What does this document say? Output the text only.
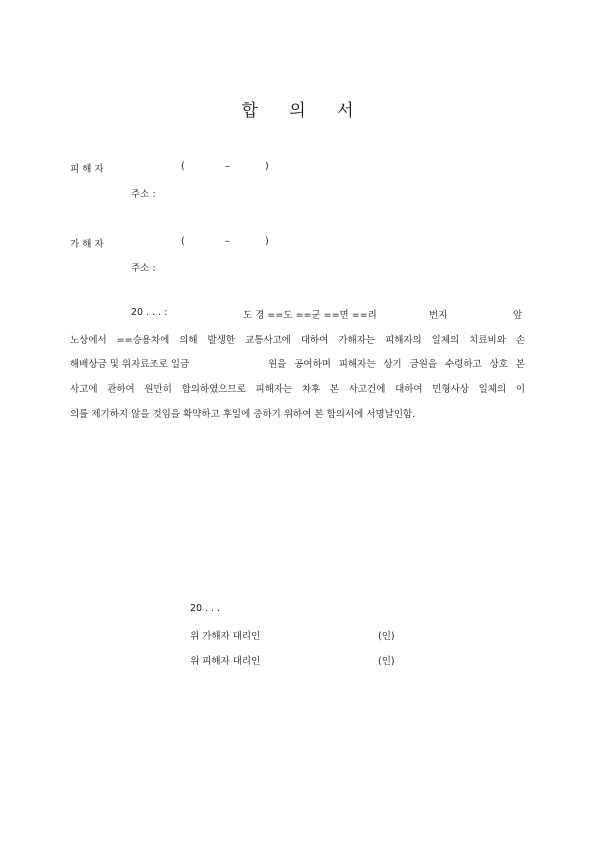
합 의 서
피 해 자	(	–	)
주소 :
가 해 자	(	–	)
주소 :
20 . . . :	도 경 ==도 ==군 ==면 ==리	번지	앞
노상에서 ==승용차에 의해 발생한 교통사고에 대하여 가해자는 피해자의 일체의 치료비와 손
해배상금 및 위자료조로 일금	원을 공여하며 피해자는 상기 금원을 수령하고 상호 본
사고에 관하여 원만히 합의하였으므로 피해자는 차후 본 사고건에 대하여 민형사상 일체의 이
의를 제기하지 않을 것임을 확약하고 후일에 증하기 위하여 본 합의서에 서명날인함.
20 . . .
위 가해자 대리인	(인)
위 피해자 대리인	(인)
